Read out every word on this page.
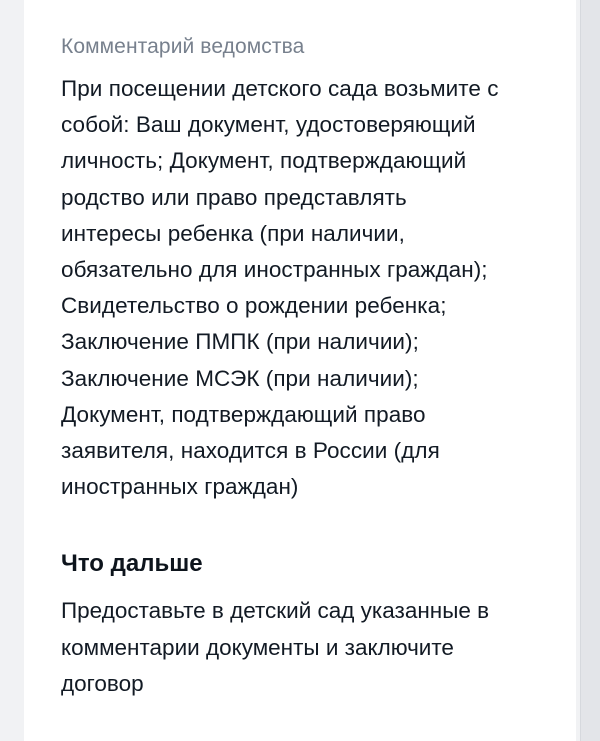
Комментарий ведомства

При посещении детского сада возьмите с
собой: Ваш документ, удостоверяющий
личность; Документ, подтверждающий
родство или право представлять
интересы ребенка (при наличии,
обязательно для иностранных граждан);
Свидетельство о рождении ребенка;
Заключение ПМПК (при наличии);
Заключение МСЭК (при наличии);
Документ, подтверждающий право
заявителя, находится в России (для
иностранных граждан)

Что дальше

Предоставьте в детский сад указанные в
комментарии документы и заключите
договор
